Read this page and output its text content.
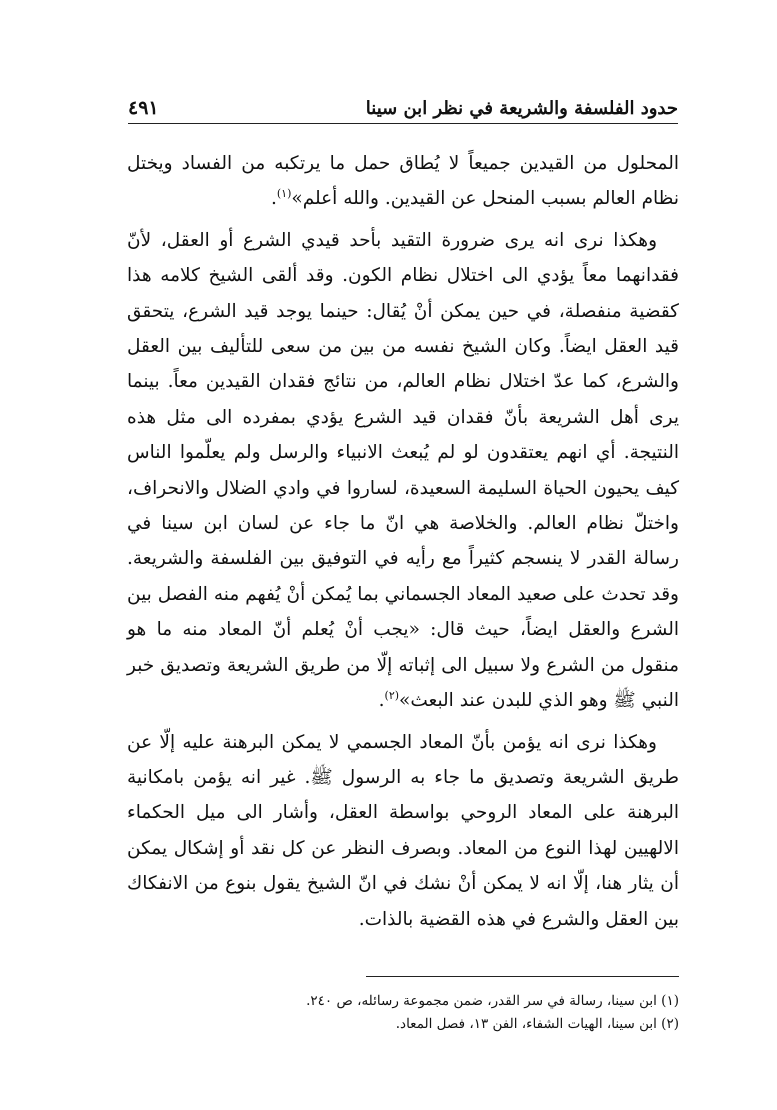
حدود الفلسفة والشريعة في نظر ابن سينا
٤٩١

المحلول من القيدين جميعاً لا يُطاق حمل ما يرتكبه من الفساد ويختل نظام العالم بسبب المنحل عن القيدين. والله أعلم»$^{(١)}$.

وهكذا نرى انه يرى ضرورة التقيد بأحد قيدي الشرع أو العقل، لأنّ فقدانهما معاً يؤدي الى اختلال نظام الكون. وقد ألقى الشيخ كلامه هذا كقضية منفصلة، في حين يمكن أنْ يُقال: حينما يوجد قيد الشرع، يتحقق قيد العقل ايضاً. وكان الشيخ نفسه من بين من سعى للتأليف بين العقل والشرع، كما عدّ اختلال نظام العالم، من نتائج فقدان القيدين معاً. بينما يرى أهل الشريعة بأنّ فقدان قيد الشرع يؤدي بمفرده الى مثل هذه النتيجة. أي انهم يعتقدون لو لم يُبعث الانبياء والرسل ولم يعلّموا الناس كيف يحيون الحياة السليمة السعيدة، لساروا في وادي الضلال والانحراف، واختلّ نظام العالم. والخلاصة هي انّ ما جاء عن لسان ابن سينا في رسالة القدر لا ينسجم كثيراً مع رأيه في التوفيق بين الفلسفة والشريعة. وقد تحدث على صعيد المعاد الجسماني بما يُمكن أنْ يُفهم منه الفصل بين الشرع والعقل ايضاً، حيث قال: «يجب أنْ يُعلم أنّ المعاد منه ما هو منقول من الشرع ولا سبيل الى إثباته إلّا من طريق الشريعة وتصديق خبر النبي ﷺ وهو الذي للبدن عند البعث»$^{(٢)}$.

وهكذا نرى انه يؤمن بأنّ المعاد الجسمي لا يمكن البرهنة عليه إلّا عن طريق الشريعة وتصديق ما جاء به الرسول ﷺ. غير انه يؤمن بامكانية البرهنة على المعاد الروحي بواسطة العقل، وأشار الى ميل الحكماء الالهيين لهذا النوع من المعاد. وبصرف النظر عن كل نقد أو إشكال يمكن أن يثار هنا، إلّا انه لا يمكن أنْ نشك في انّ الشيخ يقول بنوع من الانفكاك بين العقل والشرع في هذه القضية بالذات.

(١) ابن سينا، رسالة في سر القدر، ضمن مجموعة رسائله، ص ٢٤٠.
(٢) ابن سينا، الهيات الشفاء، الفن ١٣، فصل المعاد.
